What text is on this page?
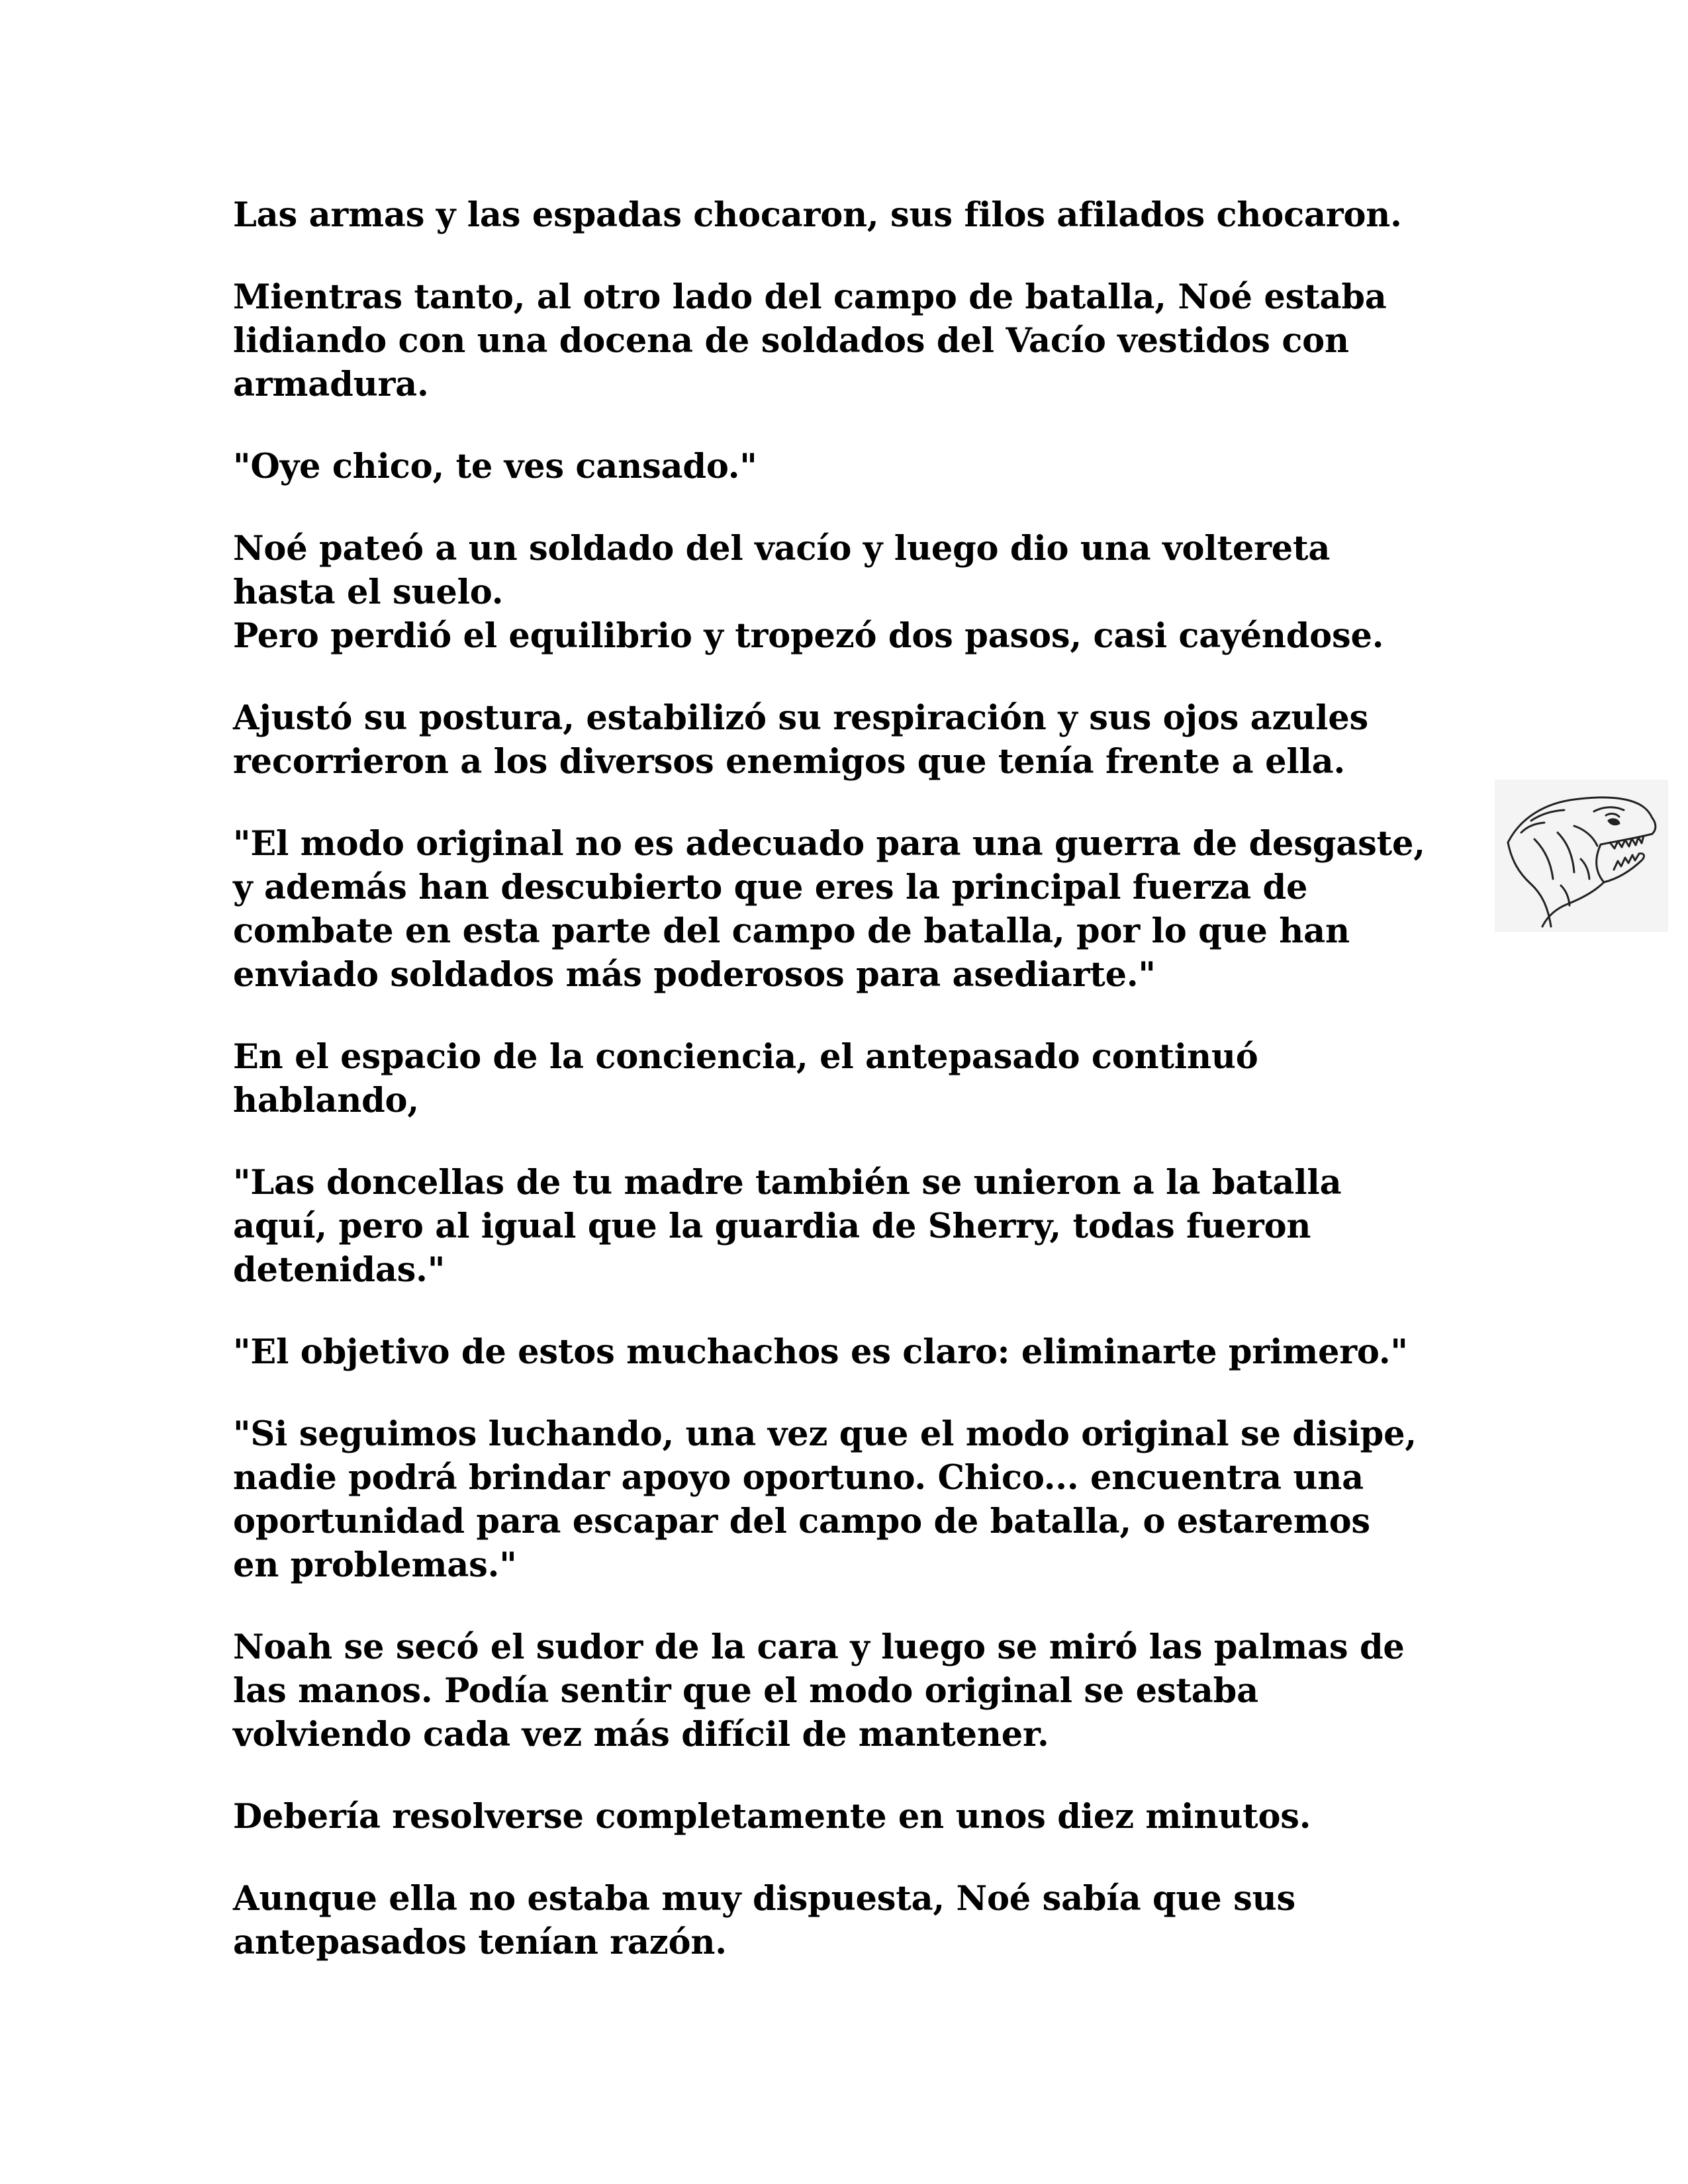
Las armas y las espadas chocaron, sus filos afilados chocaron.

Mientras tanto, al otro lado del campo de batalla, Noé estaba
lidiando con una docena de soldados del Vacío vestidos con
armadura.

"Oye chico, te ves cansado."

Noé pateó a un soldado del vacío y luego dio una voltereta
hasta el suelo.
Pero perdió el equilibrio y tropezó dos pasos, casi cayéndose.

Ajustó su postura, estabilizó su respiración y sus ojos azules
recorrieron a los diversos enemigos que tenía frente a ella.

"El modo original no es adecuado para una guerra de desgaste,
y además han descubierto que eres la principal fuerza de
combate en esta parte del campo de batalla, por lo que han
enviado soldados más poderosos para asediarte."

En el espacio de la conciencia, el antepasado continuó
hablando,

"Las doncellas de tu madre también se unieron a la batalla
aquí, pero al igual que la guardia de Sherry, todas fueron
detenidas."

"El objetivo de estos muchachos es claro: eliminarte primero."

"Si seguimos luchando, una vez que el modo original se disipe,
nadie podrá brindar apoyo oportuno. Chico... encuentra una
oportunidad para escapar del campo de batalla, o estaremos
en problemas."

Noah se secó el sudor de la cara y luego se miró las palmas de
las manos. Podía sentir que el modo original se estaba
volviendo cada vez más difícil de mantener.

Debería resolverse completamente en unos diez minutos.

Aunque ella no estaba muy dispuesta, Noé sabía que sus
antepasados tenían razón.
